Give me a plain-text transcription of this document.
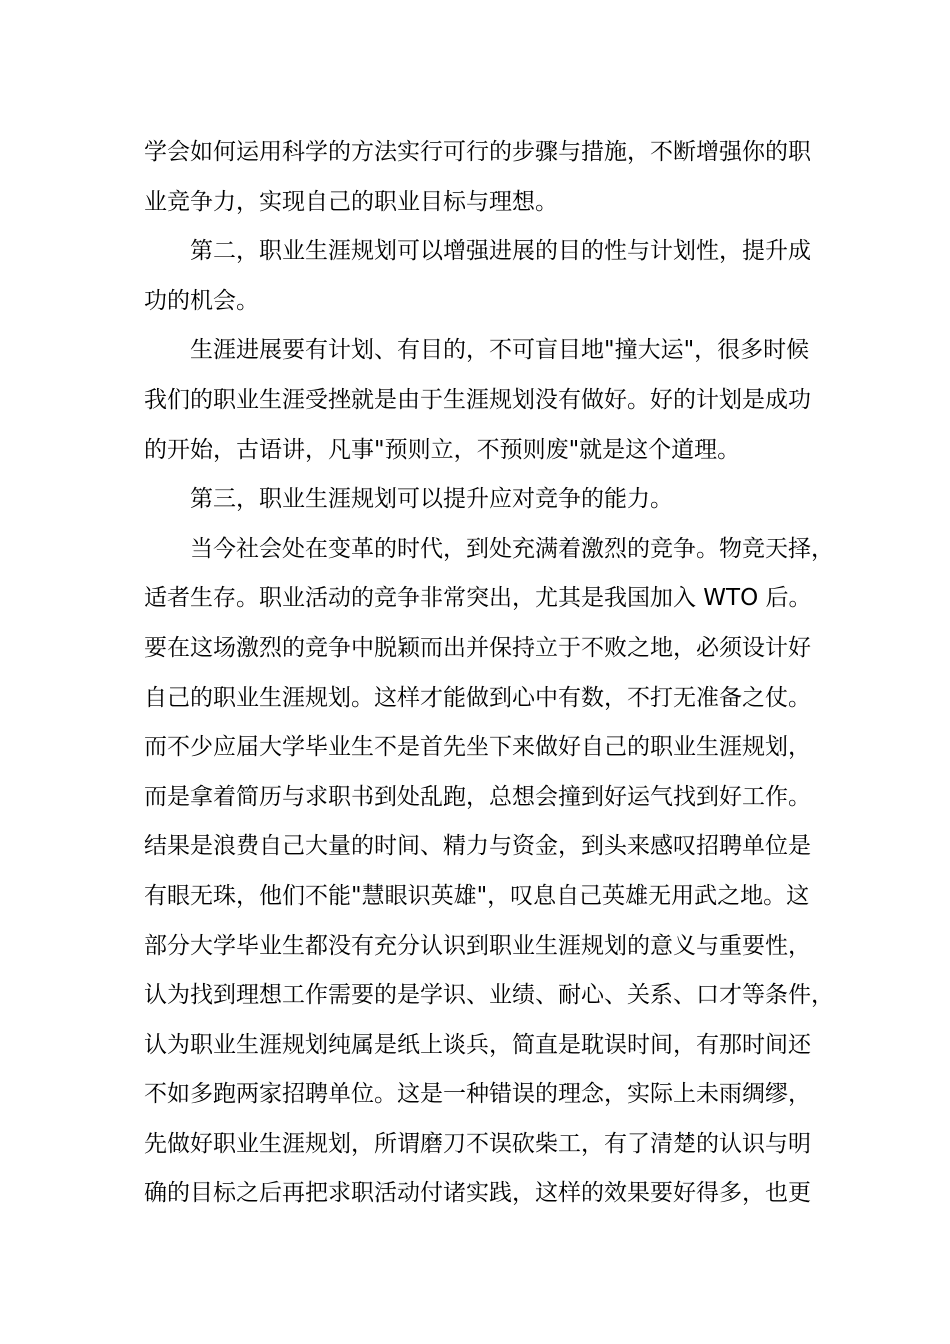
学会如何运用科学的方法实行可行的步骤与措施，不断增强你的职
业竞争力，实现自己的职业目标与理想。
第二，职业生涯规划可以增强进展的目的性与计划性，提升成
功的机会。
生涯进展要有计划、有目的，不可盲目地"撞大运"，很多时候
我们的职业生涯受挫就是由于生涯规划没有做好。好的计划是成功
的开始，古语讲，凡事"预则立，不预则废"就是这个道理。
第三，职业生涯规划可以提升应对竞争的能力。
当今社会处在变革的时代，到处充满着激烈的竞争。物竞天择，
适者生存。职业活动的竞争非常突出，尤其是我国加入 WTO 后。
要在这场激烈的竞争中脱颖而出并保持立于不败之地，必须设计好
自己的职业生涯规划。这样才能做到心中有数，不打无准备之仗。
而不少应届大学毕业生不是首先坐下来做好自己的职业生涯规划，
而是拿着简历与求职书到处乱跑，总想会撞到好运气找到好工作。
结果是浪费自己大量的时间、精力与资金，到头来感叹招聘单位是
有眼无珠，他们不能"慧眼识英雄"，叹息自己英雄无用武之地。这
部分大学毕业生都没有充分认识到职业生涯规划的意义与重要性，
认为找到理想工作需要的是学识、业绩、耐心、关系、口才等条件，
认为职业生涯规划纯属是纸上谈兵，简直是耽误时间，有那时间还
不如多跑两家招聘单位。这是一种错误的理念，实际上未雨绸缪，
先做好职业生涯规划，所谓磨刀不误砍柴工，有了清楚的认识与明
确的目标之后再把求职活动付诸实践，这样的效果要好得多，也更
